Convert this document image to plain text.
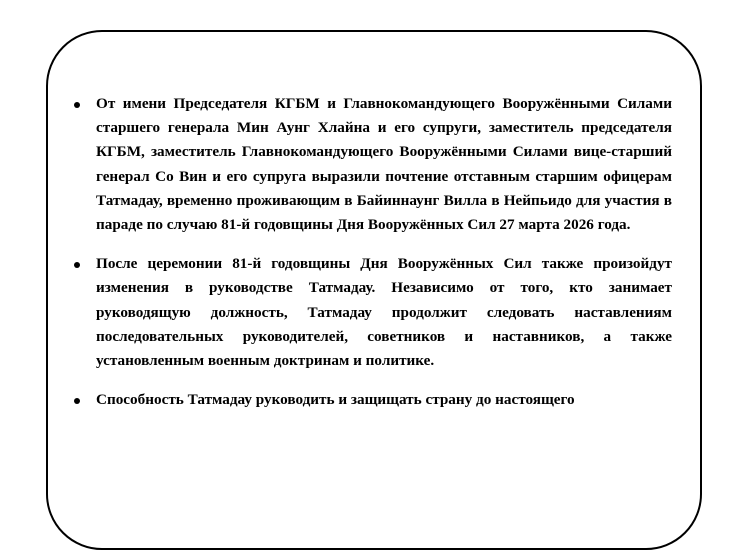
От имени Председателя КГБМ и Главнокомандующего Вооружёнными Силами старшего генерала Мин Аунг Хлайна и его супруги, заместитель председателя КГБМ, заместитель Главнокомандующего Вооружёнными Силами вице-старший генерал Со Вин и его супруга выразили почтение отставным старшим офицерам Татмадау, временно проживающим в Байиннаунг Вилла в Нейпьидо для участия в параде по случаю 81-й годовщины Дня Вооружённых Сил 27 марта 2026 года.
После церемонии 81-й годовщины Дня Вооружённых Сил также произойдут изменения в руководстве Татмадау. Независимо от того, кто занимает руководящую должность, Татмадау продолжит следовать наставлениям последовательных руководителей, советников и наставников, а также установленным военным доктринам и политике.
Способность Татмадау руководить и защищать страну до настоящего
